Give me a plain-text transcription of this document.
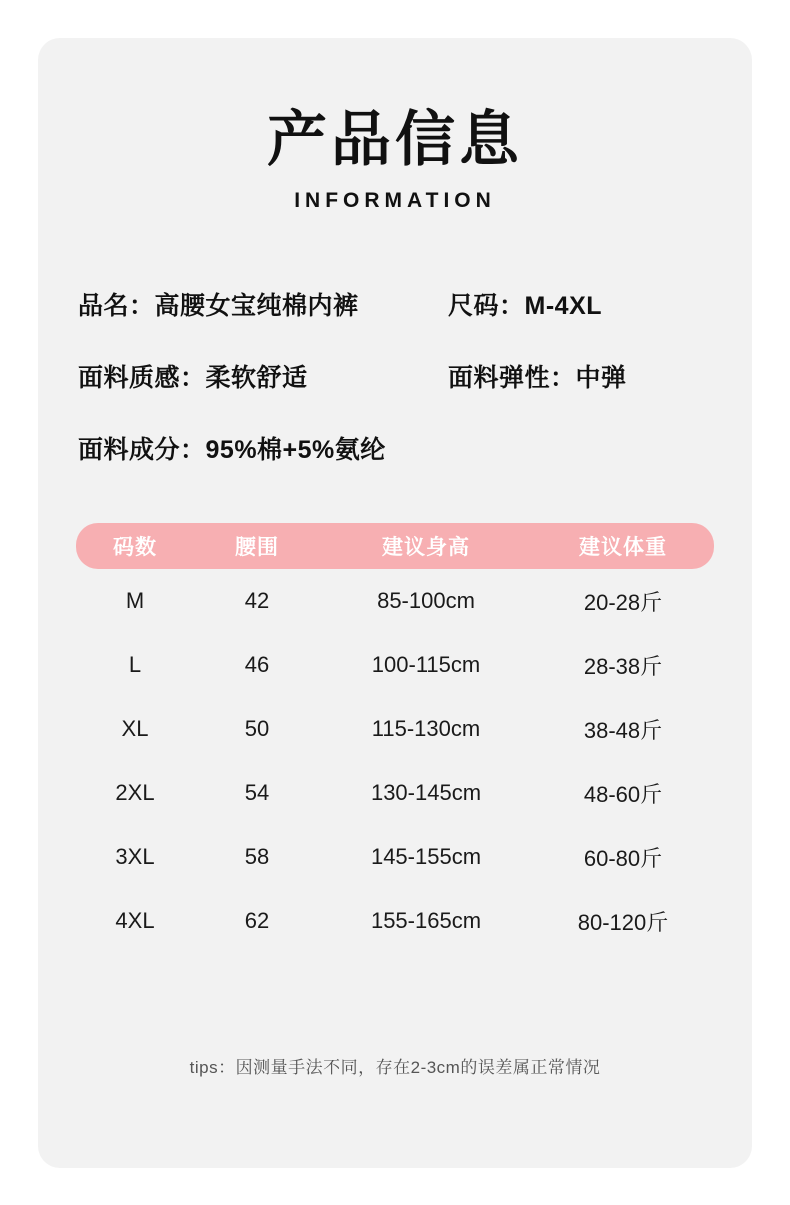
产品信息
INFORMATION
品名：高腰女宝纯棉内裤	尺码：M-4XL
面料质感：柔软舒适	面料弹性：中弹
面料成分：95%棉+5%氨纶
码数	腰围	建议身高	建议体重
M	42	85-100cm	20-28斤
L	46	100-115cm	28-38斤
XL	50	115-130cm	38-48斤
2XL	54	130-145cm	48-60斤
3XL	58	145-155cm	60-80斤
4XL	62	155-165cm	80-120斤
tips：因测量手法不同，存在2-3cm的误差属正常情况
